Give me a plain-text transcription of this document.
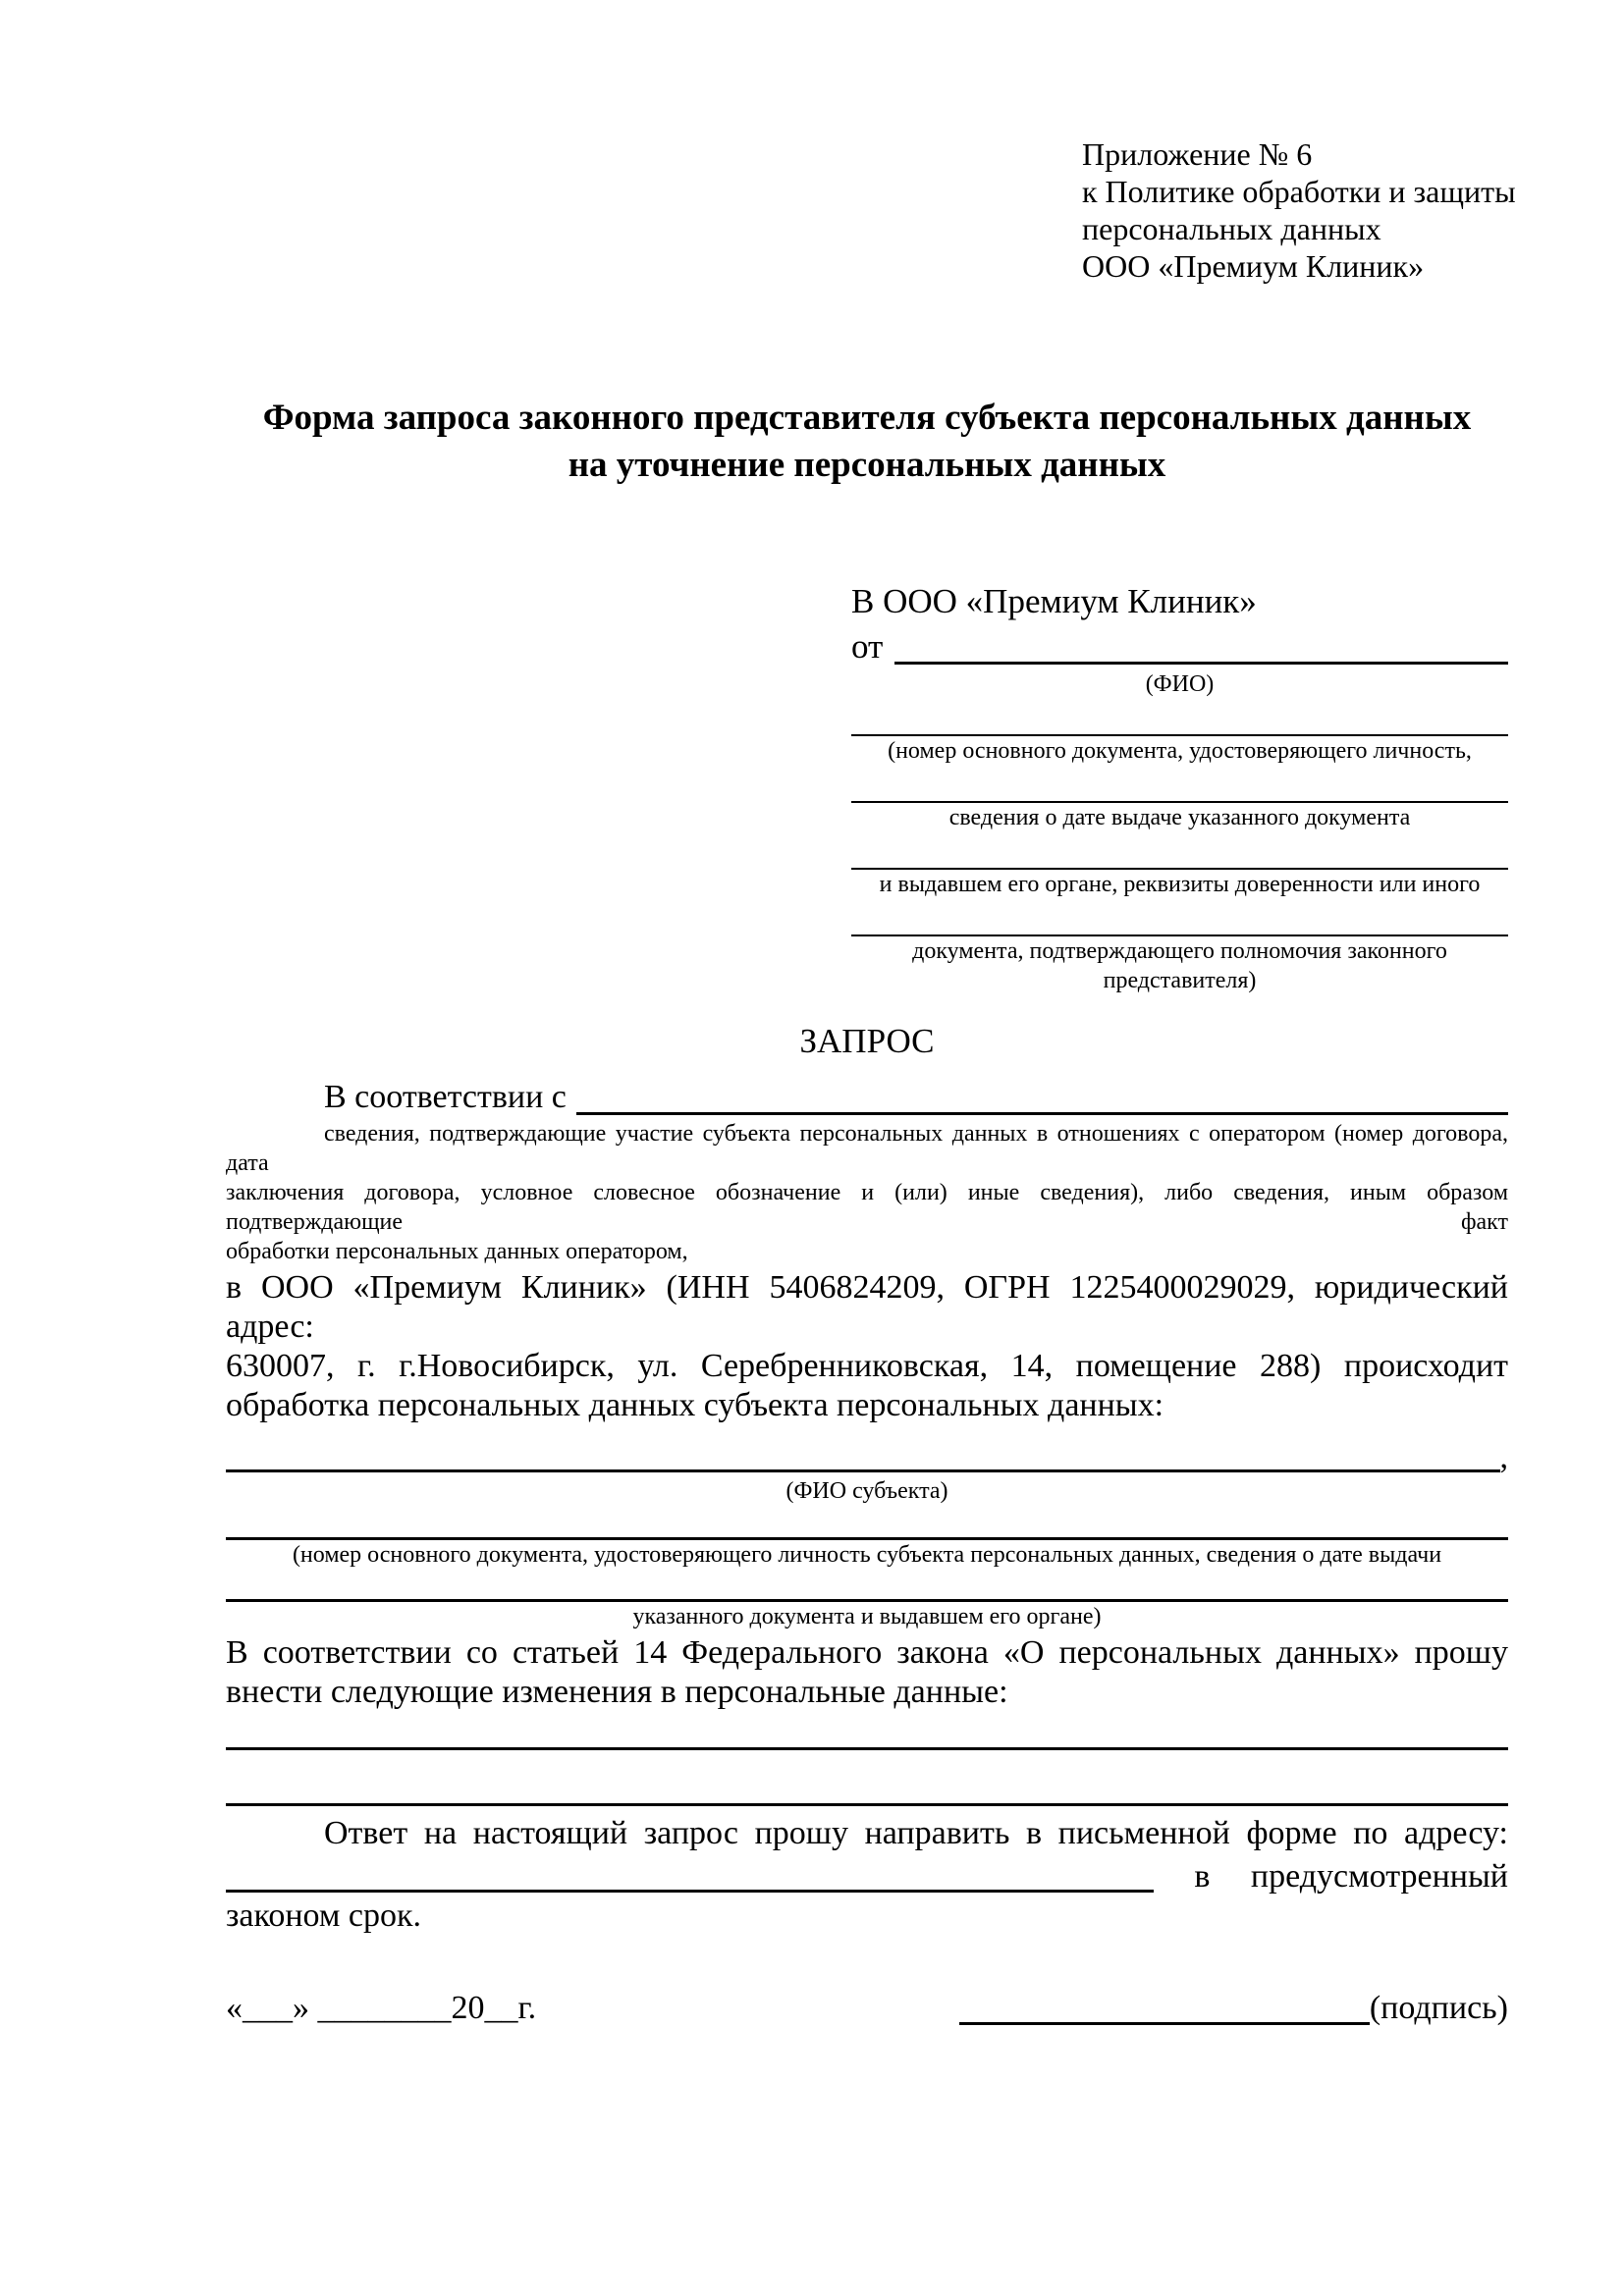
Приложение № 6
к Политике обработки и защиты
персональных данных
ООО «Премиум Клиник»
Форма запроса законного представителя субъекта персональных данных
на уточнение персональных данных
В ООО «Премиум Клиник»
от
(ФИО)
(номер основного документа, удостоверяющего личность,
сведения о дате выдаче указанного документа
и выдавшем его органе, реквизиты доверенности или иного
документа, подтверждающего полномочия законного представителя)
ЗАПРОС
В соответствии с
сведения, подтверждающие участие субъекта персональных данных в отношениях с оператором (номер договора, дата
заключения договора, условное словесное обозначение и (или) иные сведения), либо сведения, иным образом подтверждающие факт
обработки персональных данных оператором,
в ООО «Премиум Клиник» (ИНН 5406824209, ОГРН 1225400029029, юридический адрес:
630007, г. г.Новосибирск, ул. Серебренниковская, 14, помещение 288) происходит
обработка персональных данных субъекта персональных данных:
,
(ФИО субъекта)
(номер основного документа, удостоверяющего личность субъекта персональных данных, сведения о дате выдачи
указанного документа и выдавшем его органе)
В соответствии со статьей 14 Федерального закона «О персональных данных» прошу
внести следующие изменения в персональные данные:
Ответ на настоящий запрос прошу направить в письменной форме по адресу:
в предусмотренный
законом срок.
«___» ________20__г.	(подпись)
